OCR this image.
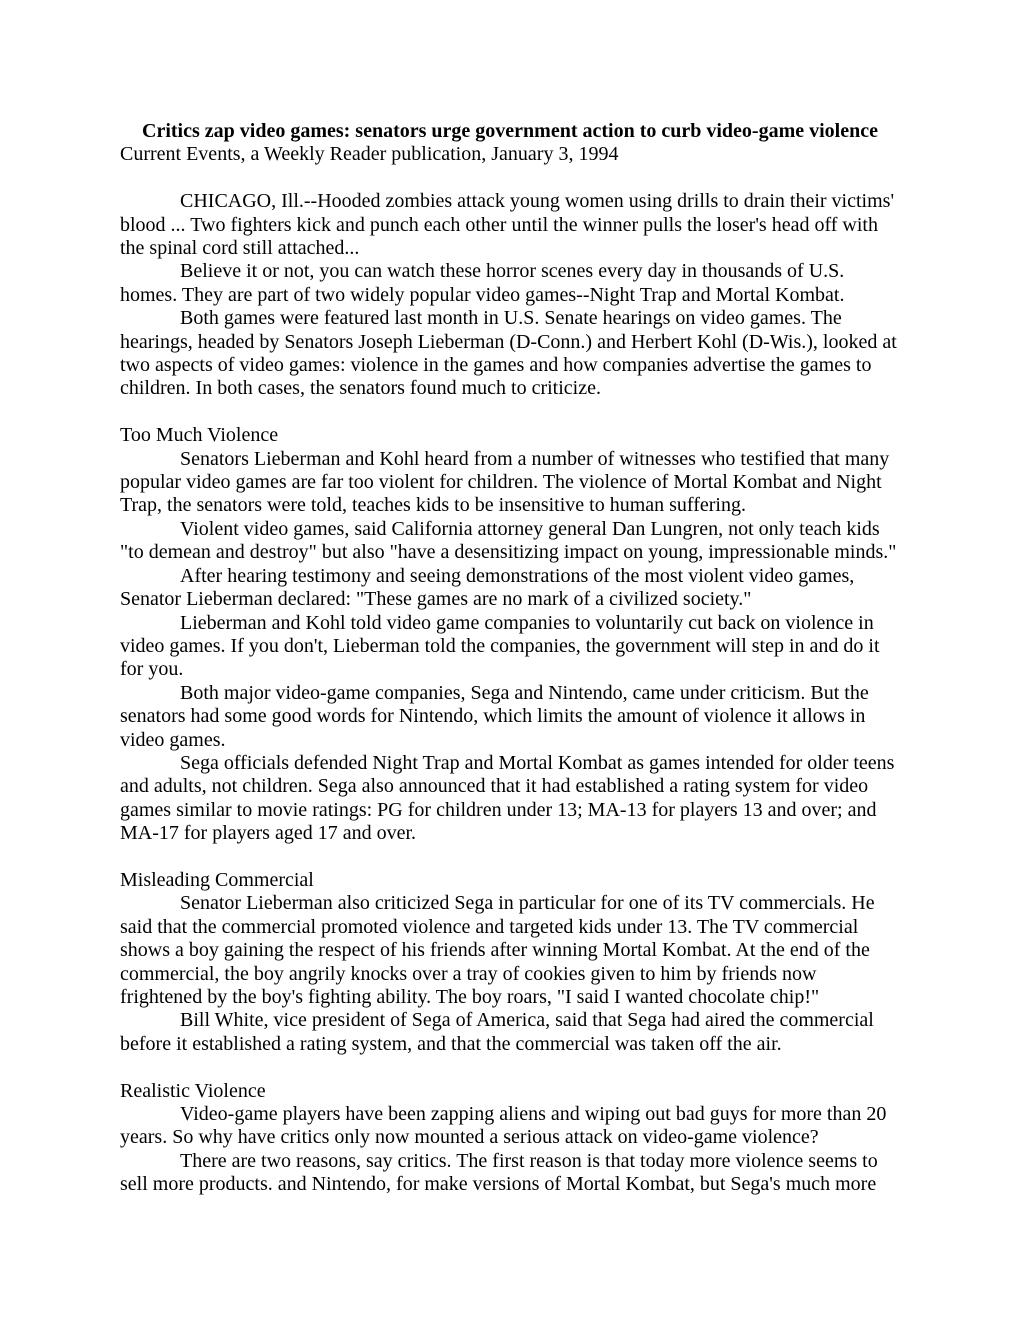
Critics zap video games: senators urge government action to curb video-game violence
Current Events, a Weekly Reader publication, January 3, 1994

CHICAGO, Ill.--Hooded zombies attack young women using drills to drain their victims' blood ... Two fighters kick and punch each other until the winner pulls the loser's head off with the spinal cord still attached...

Believe it or not, you can watch these horror scenes every day in thousands of U.S. homes. They are part of two widely popular video games--Night Trap and Mortal Kombat.

Both games were featured last month in U.S. Senate hearings on video games. The hearings, headed by Senators Joseph Lieberman (D-Conn.) and Herbert Kohl (D-Wis.), looked at two aspects of video games: violence in the games and how companies advertise the games to children. In both cases, the senators found much to criticize.

Too Much Violence

Senators Lieberman and Kohl heard from a number of witnesses who testified that many popular video games are far too violent for children. The violence of Mortal Kombat and Night Trap, the senators were told, teaches kids to be insensitive to human suffering.

Violent video games, said California attorney general Dan Lungren, not only teach kids "to demean and destroy" but also "have a desensitizing impact on young, impressionable minds."

After hearing testimony and seeing demonstrations of the most violent video games, Senator Lieberman declared: "These games are no mark of a civilized society."

Lieberman and Kohl told video game companies to voluntarily cut back on violence in video games. If you don't, Lieberman told the companies, the government will step in and do it for you.

Both major video-game companies, Sega and Nintendo, came under criticism. But the senators had some good words for Nintendo, which limits the amount of violence it allows in video games.

Sega officials defended Night Trap and Mortal Kombat as games intended for older teens and adults, not children. Sega also announced that it had established a rating system for video games similar to movie ratings: PG for children under 13; MA-13 for players 13 and over; and MA-17 for players aged 17 and over.

Misleading Commercial

Senator Lieberman also criticized Sega in particular for one of its TV commercials. He said that the commercial promoted violence and targeted kids under 13. The TV commercial shows a boy gaining the respect of his friends after winning Mortal Kombat. At the end of the commercial, the boy angrily knocks over a tray of cookies given to him by friends now frightened by the boy's fighting ability. The boy roars, "I said I wanted chocolate chip!"

Bill White, vice president of Sega of America, said that Sega had aired the commercial before it established a rating system, and that the commercial was taken off the air.

Realistic Violence

Video-game players have been zapping aliens and wiping out bad guys for more than 20 years. So why have critics only now mounted a serious attack on video-game violence?

There are two reasons, say critics. The first reason is that today more violence seems to sell more products. and Nintendo, for make versions of Mortal Kombat, but Sega's much more
